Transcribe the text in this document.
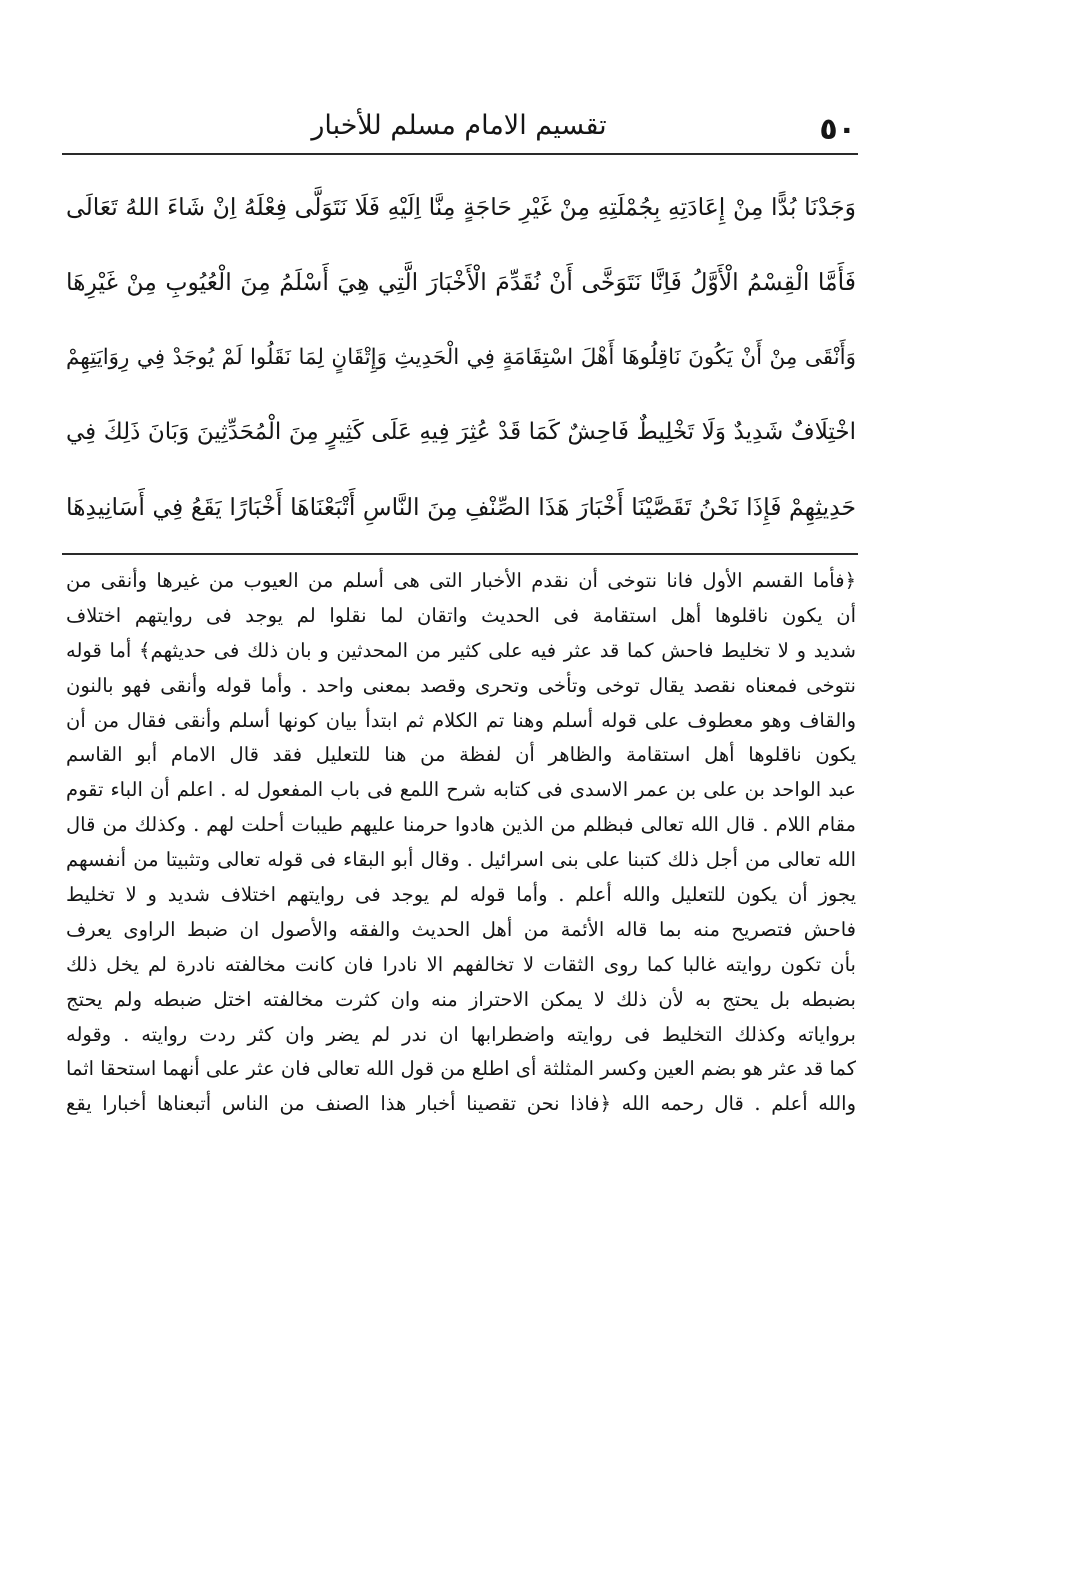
٥٠
تقسيم الامام مسلم للأخبار
وَجَدْنَا بُدًّا مِنْ إِعَادَتِهِ بِجُمْلَتِهِ مِنْ غَيْرِ حَاجَةٍ مِنَّا اِلَيْهِ فَلَا نَتَوَلَّى فِعْلَهُ اِنْ شَاءَ اللهُ تَعَالَى
فَأَمَّا الْقِسْمُ الْأَوَّلُ فَاِنَّا نَتَوَخَّى أَنْ نُقَدِّمَ الْأَخْبَارَ الَّتِي هِيَ أَسْلَمُ مِنَ الْعُيُوبِ مِنْ غَيْرِهَا
وَأَنْقَى مِنْ أَنْ يَكُونَ نَاقِلُوهَا أَهْلَ اسْتِقَامَةٍ فِي الْحَدِيثِ وَإِتْقَانٍ لِمَا نَقَلُوا لَمْ يُوجَدْ فِي رِوَايَتِهِمْ
اخْتِلَافٌ شَدِيدٌ وَلَا تَخْلِيطٌ فَاحِشٌ كَمَا قَدْ عُثِرَ فِيهِ عَلَى كَثِيرٍ مِنَ الْمُحَدِّثِينَ وَبَانَ ذَلِكَ فِي
حَدِيثِهِمْ فَإِذَا نَحْنُ تَقَصَّيْنَا أَخْبَارَ هَذَا الصِّنْفِ مِنَ النَّاسِ أَتْبَعْنَاهَا أَخْبَارًا يَقَعُ فِي أَسَانِيدِهَا
﴿فأما القسم الأول فانا نتوخى أن نقدم الأخبار التى هى أسلم من العيوب من غيرها وأنقى من
أن يكون ناقلوها أهل استقامة فى الحديث واتقان لما نقلوا لم يوجد فى روايتهم اختلاف
شديد و لا تخليط فاحش كما قد عثر فيه على كثير من المحدثين و بان ذلك فى حديثهم﴾ أما قوله
نتوخى فمعناه نقصد يقال توخى وتأخى وتحرى وقصد بمعنى واحد . وأما قوله وأنقى فهو بالنون
والقاف وهو معطوف على قوله أسلم وهنا تم الكلام ثم ابتدأ بيان كونها أسلم وأنقى فقال من أن
يكون ناقلوها أهل استقامة والظاهر أن لفظة من هنا للتعليل فقد قال الامام أبو القاسم
عبد الواحد بن على بن عمر الاسدى فى كتابه شرح اللمع فى باب المفعول له . اعلم أن الباء تقوم
مقام اللام . قال الله تعالى فبظلم من الذين هادوا حرمنا عليهم طيبات أحلت لهم . وكذلك من قال
الله تعالى من أجل ذلك كتبنا على بنى اسرائيل . وقال أبو البقاء فى قوله تعالى وتثبيتا من أنفسهم
يجوز أن يكون للتعليل والله أعلم . وأما قوله لم يوجد فى روايتهم اختلاف شديد و لا تخليط
فاحش فتصريح منه بما قاله الأئمة من أهل الحديث والفقه والأصول ان ضبط الراوى يعرف
بأن تكون روايته غالبا كما روى الثقات لا تخالفهم الا نادرا فان كانت مخالفته نادرة لم يخل ذلك
بضبطه بل يحتج به لأن ذلك لا يمكن الاحتراز منه وان كثرت مخالفته اختل ضبطه ولم يحتج
برواياته وكذلك التخليط فى روايته واضطرابها ان ندر لم يضر وان كثر ردت روايته . وقوله
كما قد عثر هو بضم العين وكسر المثلثة أى اطلع من قول الله تعالى فان عثر على أنهما استحقا اثما
والله أعلم . قال رحمه الله ﴿فاذا نحن تقصينا أخبار هذا الصنف من الناس أتبعناها أخبارا يقع
